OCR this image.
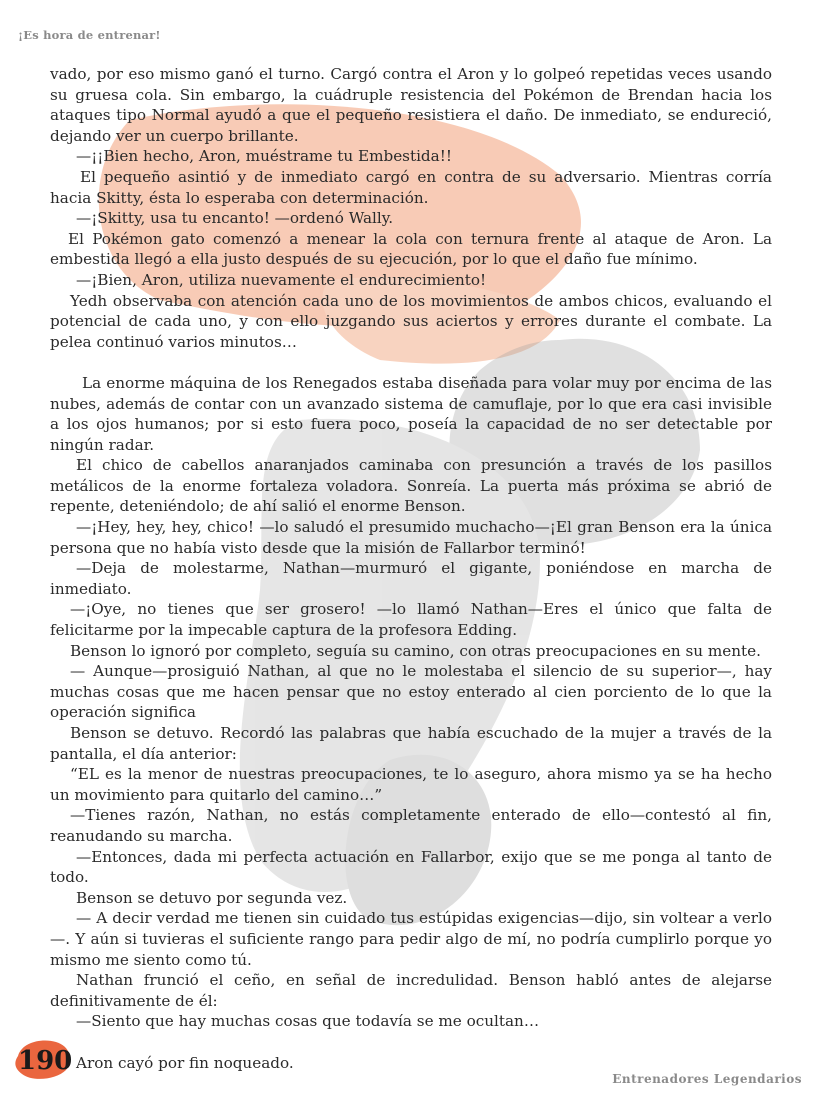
¡Es hora de entrenar!

vado, por eso mismo ganó el turno. Cargó contra el Aron y lo golpeó repetidas veces usando su gruesa cola. Sin embargo, la cuádruple resistencia del Pokémon de Brendan hacia los ataques tipo Normal ayudó a que el pequeño resistiera el daño. De inmediato, se endureció, dejando ver un cuerpo brillante.

—¡¡Bien hecho, Aron, muéstrame tu Embestida!!

El pequeño asintió y de inmediato cargó en contra de su adversario. Mientras corría hacia Skitty, ésta lo esperaba con determinación.

—¡Skitty, usa tu encanto! —ordenó Wally.

El Pokémon gato comenzó a menear la cola con ternura frente al ataque de Aron. La embestida llegó a ella justo después de su ejecución, por lo que el daño fue mínimo.

—¡Bien, Aron, utiliza nuevamente el endurecimiento!

Yedh observaba con atención cada uno de los movimientos de ambos chicos, evaluando el potencial de cada uno, y con ello juzgando sus aciertos y errores durante el combate. La pelea continuó varios minutos…

La enorme máquina de los Renegados estaba diseñada para volar muy por encima de las nubes, además de contar con un avanzado sistema de camuflaje, por lo que era casi invisible a los ojos humanos; por si esto fuera poco, poseía la capacidad de no ser detectable por ningún radar.

El chico de cabellos anaranjados caminaba con presunción a través de los pasillos metálicos de la enorme fortaleza voladora. Sonreía. La puerta más próxima se abrió de repente, deteniéndolo; de ahí salió el enorme Benson.

—¡Hey, hey, hey, chico! —lo saludó el presumido muchacho—¡El gran Benson era la única persona que no había visto desde que la misión de Fallarbor terminó!

—Deja de molestarme, Nathan—murmuró el gigante, poniéndose en marcha de inmediato.

—¡Oye, no tienes que ser grosero! —lo llamó Nathan—Eres el único que falta de felicitarme por la impecable captura de la profesora Edding.

Benson lo ignoró por completo, seguía su camino, con otras preocupaciones en su mente.

— Aunque—prosiguió Nathan, al que no le molestaba el silencio de su superior—, hay muchas cosas que me hacen pensar que no estoy enterado al cien porciento de lo que la operación significa

Benson se detuvo. Recordó las palabras que había escuchado de la mujer a través de la pantalla, el día anterior:

“EL es la menor de nuestras preocupaciones, te lo aseguro, ahora mismo ya se ha hecho un movimiento para quitarlo del camino…”

—Tienes razón, Nathan, no estás completamente enterado de ello—contestó al fin, reanudando su marcha.

—Entonces, dada mi perfecta actuación en Fallarbor, exijo que se me ponga al tanto de todo.

Benson se detuvo por segunda vez.

— A decir verdad me tienen sin cuidado tus estúpidas exigencias—dijo, sin voltear a verlo—. Y aún si tuvieras el suficiente rango para pedir algo de mí, no podría cumplirlo porque yo mismo me siento como tú.

Nathan frunció el ceño, en señal de incredulidad. Benson habló antes de alejarse definitivamente de él:

—Siento que hay muchas cosas que todavía se me ocultan…

Aron cayó por fin noqueado.

190
Entrenadores Legendarios
